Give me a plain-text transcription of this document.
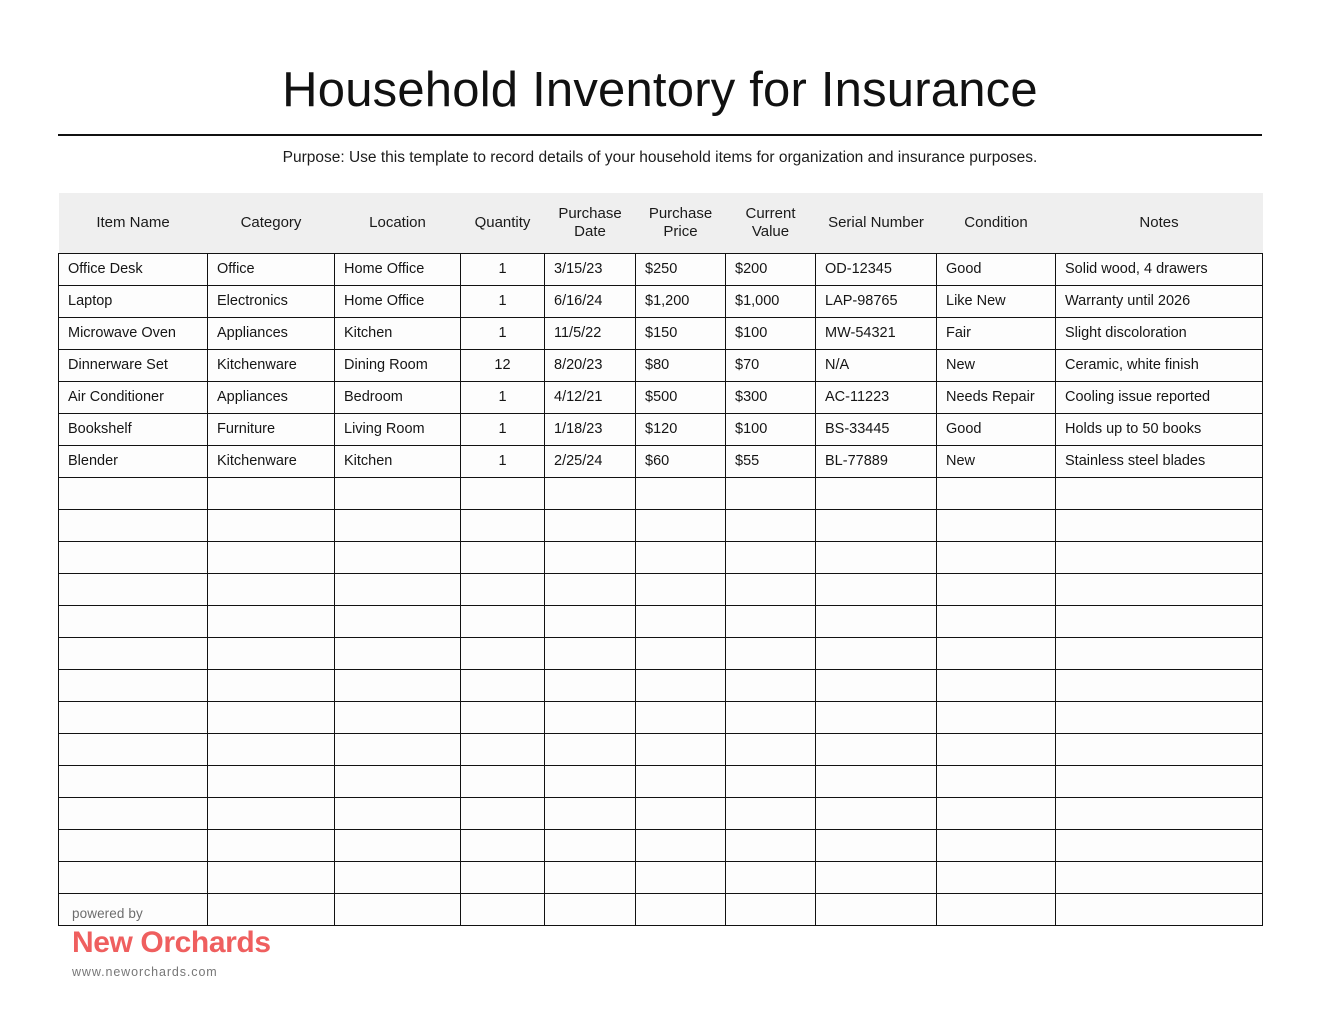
Household Inventory for Insurance

Purpose: Use this template to record details of your household items for organization and insurance purposes.

Item Name	Category	Location	Quantity	Purchase Date	Purchase Price	Current Value	Serial Number	Condition	Notes
Office Desk	Office	Home Office	1	3/15/23	$250	$200	OD-12345	Good	Solid wood, 4 drawers
Laptop	Electronics	Home Office	1	6/16/24	$1,200	$1,000	LAP-98765	Like New	Warranty until 2026
Microwave Oven	Appliances	Kitchen	1	11/5/22	$150	$100	MW-54321	Fair	Slight discoloration
Dinnerware Set	Kitchenware	Dining Room	12	8/20/23	$80	$70	N/A	New	Ceramic, white finish
Air Conditioner	Appliances	Bedroom	1	4/12/21	$500	$300	AC-11223	Needs Repair	Cooling issue reported
Bookshelf	Furniture	Living Room	1	1/18/23	$120	$100	BS-33445	Good	Holds up to 50 books
Blender	Kitchenware	Kitchen	1	2/25/24	$60	$55	BL-77889	New	Stainless steel blades

powered by

New Orchards

www.neworchards.com
